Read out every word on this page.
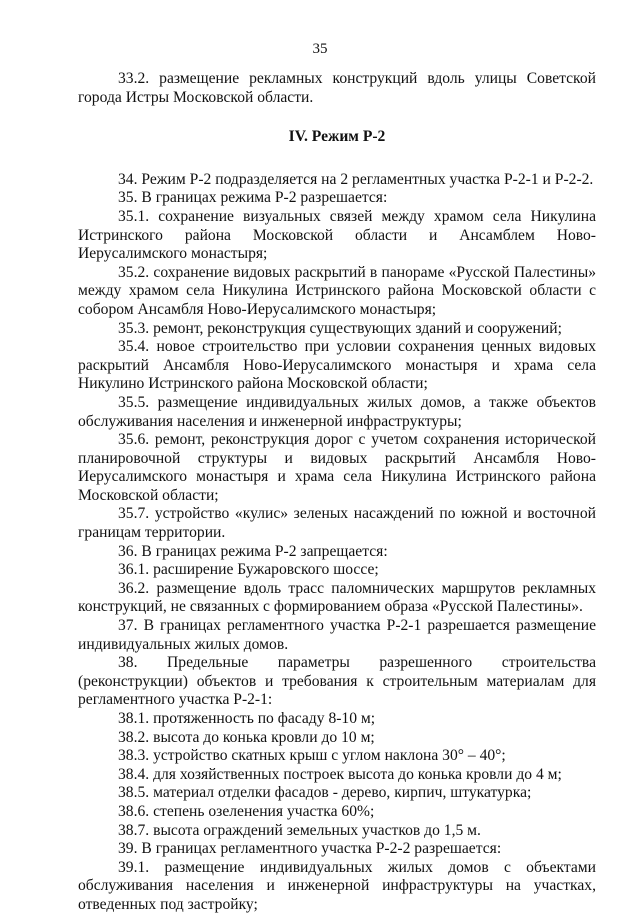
35

33.2. размещение рекламных конструкций вдоль улицы Советской города Истры Московской области.

IV. Режим Р-2

34. Режим Р-2 подразделяется на 2 регламентных участка Р-2-1 и Р-2-2.

35. В границах режима Р-2 разрешается:

35.1. сохранение визуальных связей между храмом села Никулина Истринского района Московской области и Ансамблем Ново-Иерусалимского монастыря;

35.2. сохранение видовых раскрытий в панораме «Русской Палестины» между храмом села Никулина Истринского района Московской области с собором Ансамбля Ново-Иерусалимского монастыря;

35.3. ремонт, реконструкция существующих зданий и сооружений;

35.4. новое строительство при условии сохранения ценных видовых раскрытий Ансамбля Ново-Иерусалимского монастыря и храма села Никулино Истринского района Московской области;

35.5. размещение индивидуальных жилых домов, а также объектов обслуживания населения и инженерной инфраструктуры;

35.6. ремонт, реконструкция дорог с учетом сохранения исторической планировочной структуры и видовых раскрытий Ансамбля Ново-Иерусалимского монастыря и храма села Никулина Истринского района Московской области;

35.7. устройство «кулис» зеленых насаждений по южной и восточной границам территории.

36. В границах режима Р-2 запрещается:

36.1. расширение Бужаровского шоссе;

36.2. размещение вдоль трасс паломнических маршрутов рекламных конструкций, не связанных с формированием образа «Русской Палестины».

37. В границах регламентного участка Р-2-1 разрешается размещение индивидуальных жилых домов.

38. Предельные параметры разрешенного строительства (реконструкции) объектов и требования к строительным материалам для регламентного участка Р-2-1:

38.1. протяженность по фасаду 8-10 м;

38.2. высота до конька кровли до 10 м;

38.3. устройство скатных крыш с углом наклона 30° – 40°;

38.4. для хозяйственных построек высота до конька кровли до 4 м;

38.5. материал отделки фасадов - дерево, кирпич, штукатурка;

38.6. степень озеленения участка 60%;

38.7. высота ограждений земельных участков до 1,5 м.

39. В границах регламентного участка Р-2-2 разрешается:

39.1. размещение индивидуальных жилых домов с объектами обслуживания населения и инженерной инфраструктуры на участках, отведенных под застройку;
